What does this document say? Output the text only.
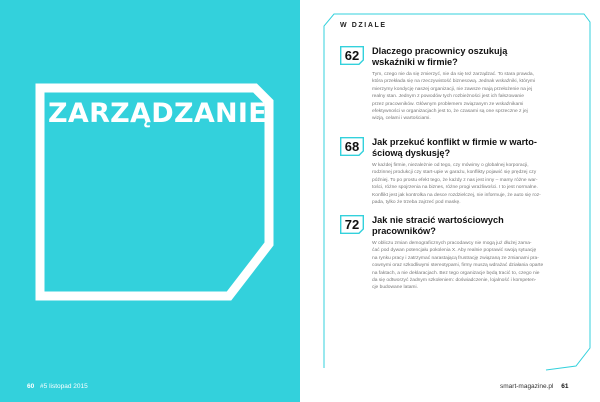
ZARZĄDZANIE
60 #5 listopad 2015
W DZIALE
62	Dlaczego pracownicy oszukują
wskaźniki w firmie?
Tym, czego nie da się zmierzyć, nie da się też zarządzać. To stara prawda,
która przekłada się na rzeczywistość biznesową. Jednak wskaźniki, którymi
mierzymy kondycję naszej organizacji, nie zawsze mają przełożenie na jej
realny stan. Jednym z powodów tych rozbieżności jest ich fałszowanie
przez pracowników. Głównym problemem związanym ze wskaźnikami
efektywności w organizacjach jest to, że czasami są one sprzeczne z jej
wizją, celami i wartościami.
68	Jak przekuć konflikt w firmie w warto-
ściową dyskusję?
W każdej firmie, niezależnie od tego, czy mówimy o globalnej korporacji,
rodzinnej produkcji czy start-upie w garażu, konflikty pojawić się prędzej czy
później. To po prostu efekt tego, że każdy z nas jest inny – mamy różne war-
tości, różne spojrzenia na biznes, różne progi wrażliwości. I to jest normalne.
Konflikt jest jak kontrolka na desce rozdzielczej, nie informuje, że auto się roz-
pada, tylko że trzeba zajrzeć pod maskę.
72	Jak nie stracić wartościowych
pracowników?
W obliczu zmian demograficznych pracodawcy nie mogą już dłużej zama-
ćać pod dywan potencjału pokolenia X. Aby realnie poprawić swoją sytuację
na rynku pracy i zatrzymać narastającą frustrację związaną ze zmianami pra-
cownymi oraz szkodliwymi stereotypami, firmy muszą wdrażać działania oparte
na faktach, a nie deklaracjach. Bez tego organizacje będą tracić to, czego nie
da się odtworzyć żadnym szkoleniem: doświadczenie, lojalność i kompeten-
cje budowane latami.
smart-magazine.pl 61
